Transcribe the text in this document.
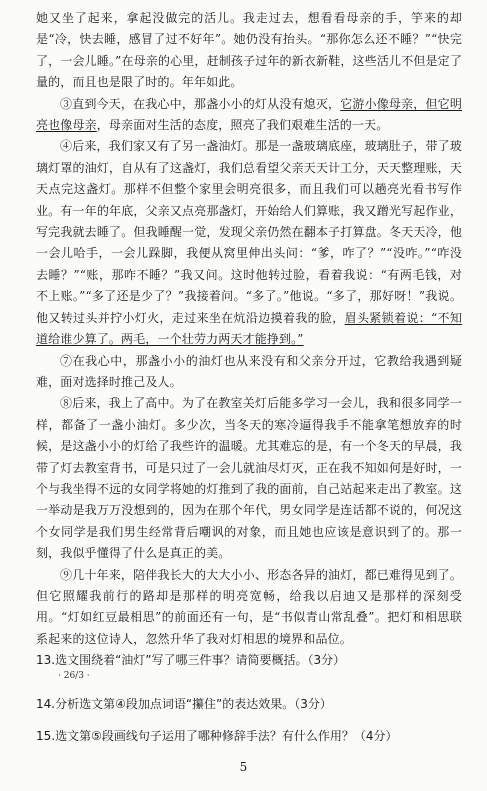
她又坐了起来，拿起没做完的活儿。我走过去，想看看母亲的手，竽来的却是“冷，快去睡，感冒了过不好年”。她仍没有抬头。“那你怎么还不睡？”“快完了，一会儿睡。”在母亲的心里，赶制孩子过年的新衣新鞋，这些活儿不但是定了量的，而且也是限了时的。年年如此。

③直到今天，在我心中，那盏小小的灯从没有熄灭，它游小像母亲，但它明亮也像母亲，母亲面对生活的态度，照亮了我们艰难生活的一天。

④后来，我们家又有了另一盏油灯。那是一盏玻璃底座，玻璃肚子，带了玻璃灯罩的油灯，自从有了这盏灯，我们总看望父亲天天计工分，天天整理账，天天点完这盏灯。那样不但整个家里会明亮很多，而且我们可以趟亮光看书写作业。有一年的年底，父亲又点亮那盏灯，开始给人们算账，我又蹭光写起作业，写完我就去睡了。但我睡醒一觉，发现父亲仍然在翻本子打算盘。冬天天冷，他一会儿哈手，一会儿跺脚，我便从窝里伸出头问：“爹，咋了？”“没咋。”“咋没去睡？”“账，那咋不睡？”我又问。这时他转过脸，看着我说：“有两毛钱，对不上账。”“多了还是少了？”我接着问。“多了。”他说。“多了，那好呀！”我说。他又转过头并拧小灯火，走过来坐在炕沿边摸着我的脸，眉头紧锁着说：“不知道给谁少算了。两毛，一个壮劳力两天才能挣到。”

⑦在我心中，那盏小小的油灯也从来没有和父亲分开过，它教给我遇到疑难，面对选择时推己及人。

⑧后来，我上了高中。为了在教室关灯后能多学习一会儿，我和很多同学一样，都备了一盏小油灯。多少次，当冬天的寒冷逼得我手不能拿笔想放弃的时候，是这盏小小的灯给了我些许的温暖。尤其难忘的是，有一个冬天的早晨，我带了灯去教室背书，可是只过了一会儿就油尽灯灭，正在我不知如何是好时，一个与我坐得不远的女同学将她的灯推到了我的面前，自己站起来走出了教室。这一举动是我万万没想到的，因为在那个年代，男女同学是连话都不说的，何况这个女同学是我们男生经常背后嘲讽的对象，而且她也应该是意识到了的。那一刻，我似乎懂得了什么是真正的美。

⑨几十年来，陪伴我长大的大大小小、形态各异的油灯，都已难得见到了。但它照耀我前行的路却是那样的明亮宽畅，给我以启迪又是那样的深刻受用。“灯如红豆最相思”的前面还有一句，是“书似青山常乱叠”。把灯和相思联系起来的这位诗人，忽然升华了我对灯相思的境界和品位。

13.选文围绕着“油灯”写了哪三件事？请简要概括。（3分）

· 26/3 ·

14.分析选文第④段加点词语“攥住”的表达效果。（3分）

15.选文第⑤段画线句子运用了哪种修辞手法？有什么作用？（4分）

5
